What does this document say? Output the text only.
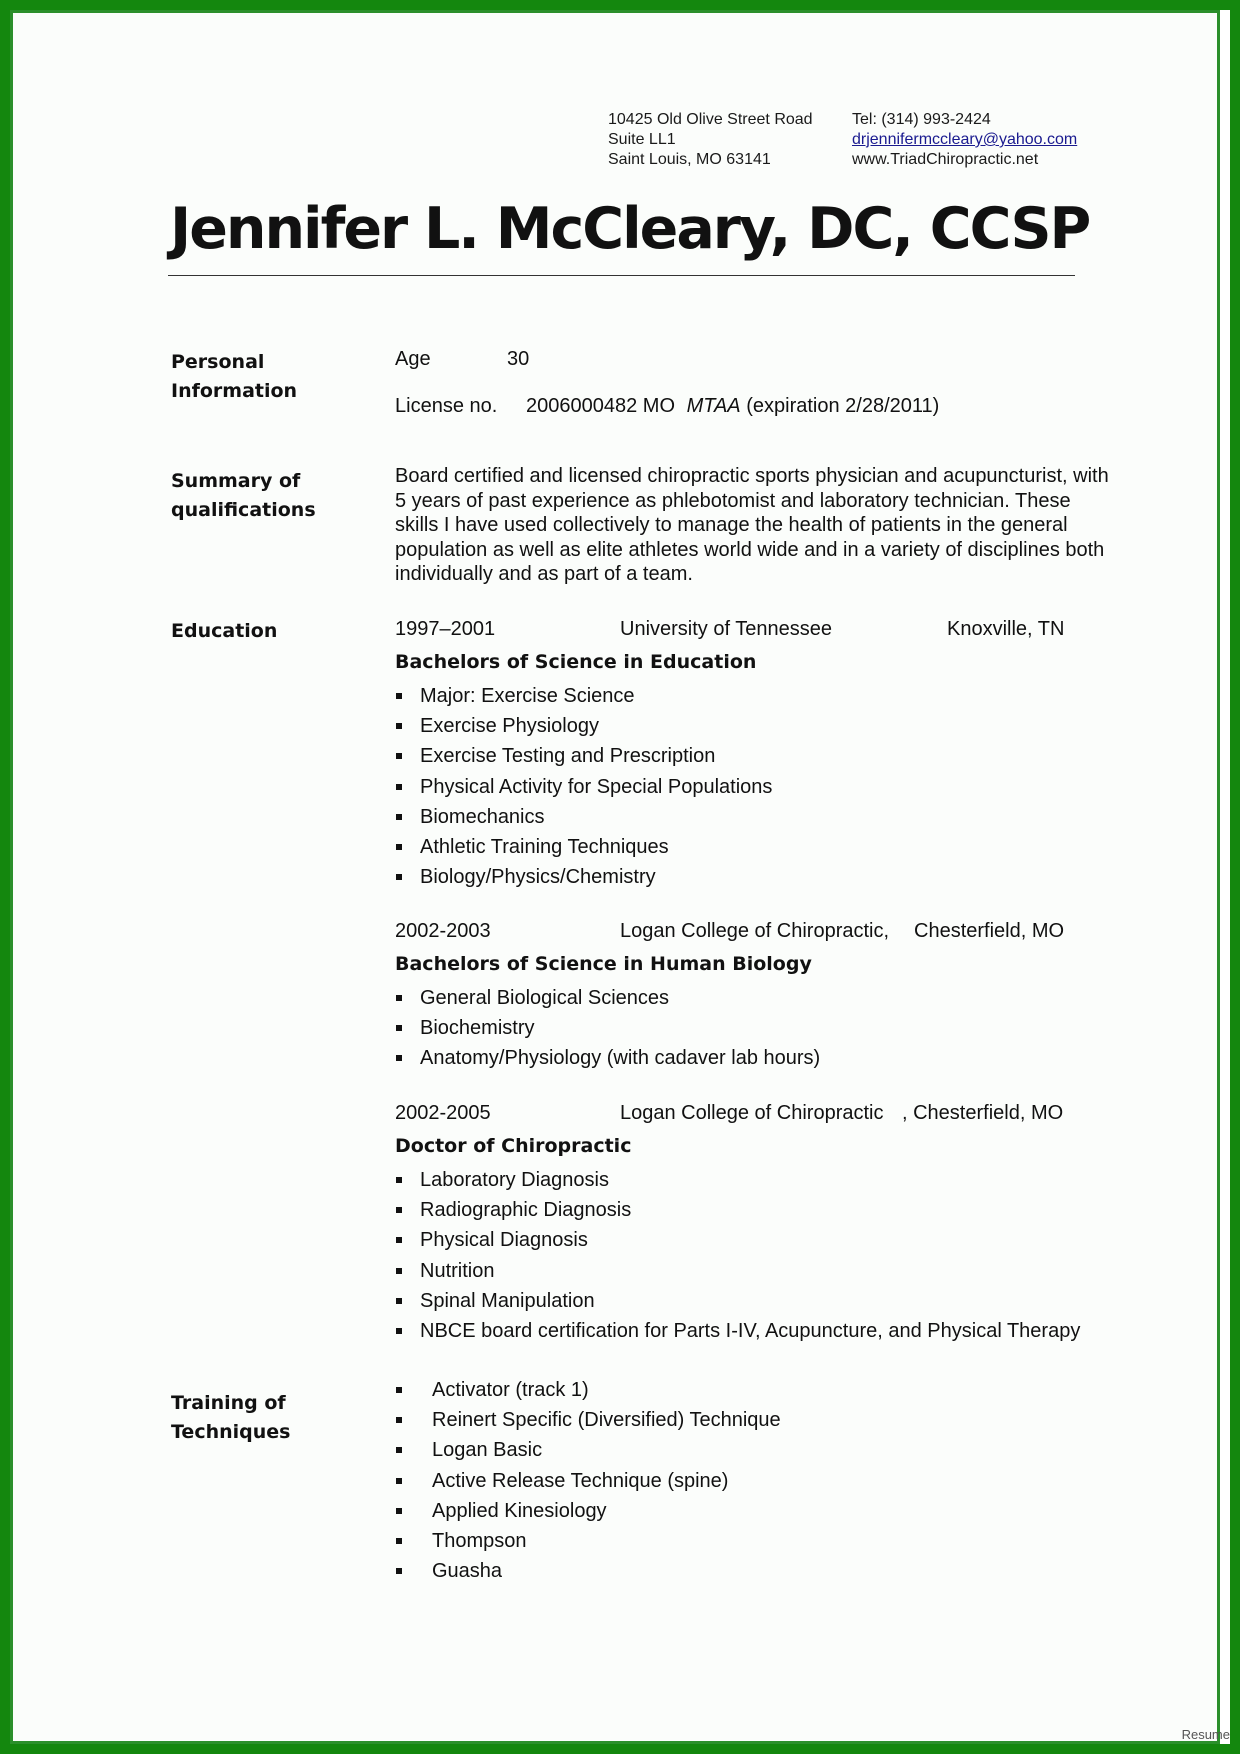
10425 Old Olive Street Road
Suite LL1
Saint Louis, MO 63141
Tel: (314) 993-2424
drjennifermccleary@yahoo.com
www.TriadChiropractic.net
Jennifer L. McCleary, DC, CCSP
Personal
Information
Age	30
License no. 2006000482 MO MTAA (expiration 2/28/2011)
Summary of
qualifications

Board certified and licensed chiropractic sports physician and acupuncturist, with 5 years of past experience as phlebotomist and laboratory technician. These skills I have used collectively to manage the health of patients in the general population as well as elite athletes world wide and in a variety of disciplines both individually and as part of a team.

Education	1997–2001	University of Tennessee	Knoxville, TN
Bachelors of Science in Education
Major: Exercise Science
Exercise Physiology
Exercise Testing and Prescription
Physical Activity for Special Populations
Biomechanics
Athletic Training Techniques
Biology/Physics/Chemistry
2002-2003	Logan College of Chiropractic, Chesterfield, MO
Bachelors of Science in Human Biology
General Biological Sciences
Biochemistry
Anatomy/Physiology (with cadaver lab hours)
2002-2005	Logan College of Chiropractic , Chesterfield, MO
Doctor of Chiropractic
Laboratory Diagnosis
Radiographic Diagnosis
Physical Diagnosis
Nutrition
Spinal Manipulation
NBCE board certification for Parts I-IV, Acupuncture, and Physical Therapy
Training of
Techniques
Activator (track 1)
Reinert Specific (Diversified) Technique
Logan Basic
Active Release Technique (spine)
Applied Kinesiology
Thompson
Guasha
Resume
